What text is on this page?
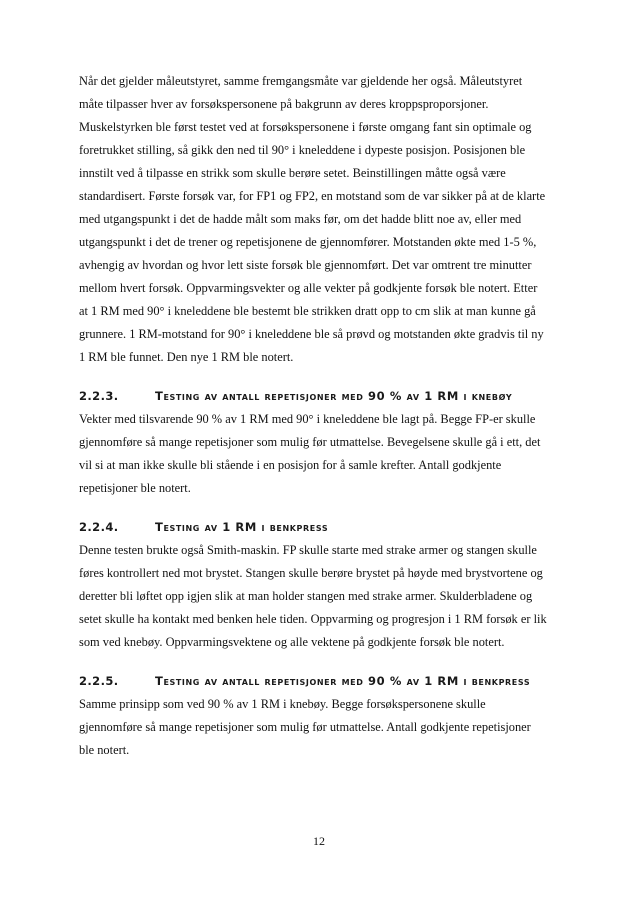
Når det gjelder måleutstyret, samme fremgangsmåte var gjeldende her også. Måleutstyret
måte tilpasser hver av forsøkspersonene på bakgrunn av deres kroppsproporsjoner.
Muskelstyrken ble først testet ved at forsøkspersonene i første omgang fant sin optimale og
foretrukket stilling, så gikk den ned til 90° i kneleddene i dypeste posisjon. Posisjonen ble
innstilt ved å tilpasse en strikk som skulle berøre setet. Beinstillingen måtte også være
standardisert. Første forsøk var, for FP1 og FP2, en motstand som de var sikker på at de klarte
med utgangspunkt i det de hadde målt som maks før, om det hadde blitt noe av, eller med
utgangspunkt i det de trener og repetisjonene de gjennomfører. Motstanden økte med 1-5 %,
avhengig av hvordan og hvor lett siste forsøk ble gjennomført. Det var omtrent tre minutter
mellom hvert forsøk. Oppvarmingsvekter og alle vekter på godkjente forsøk ble notert. Etter
at 1 RM med 90° i kneleddene ble bestemt ble strikken dratt opp to cm slik at man kunne gå
grunnere. 1 RM-motstand for 90° i kneleddene ble så prøvd og motstanden økte gradvis til ny
1 RM ble funnet. Den nye 1 RM ble notert.

2.2.3.	Testing av antall repetisjoner med 90 % av 1 RM i knebøy

Vekter med tilsvarende 90 % av 1 RM med 90° i kneleddene ble lagt på. Begge FP-er skulle
gjennomføre så mange repetisjoner som mulig før utmattelse. Bevegelsene skulle gå i ett, det
vil si at man ikke skulle bli stående i en posisjon for å samle krefter. Antall godkjente
repetisjoner ble notert.

2.2.4.	Testing av 1 RM i benkpress

Denne testen brukte også Smith-maskin. FP skulle starte med strake armer og stangen skulle
føres kontrollert ned mot brystet. Stangen skulle berøre brystet på høyde med brystvortene og
deretter bli løftet opp igjen slik at man holder stangen med strake armer. Skulderbladene og
setet skulle ha kontakt med benken hele tiden. Oppvarming og progresjon i 1 RM forsøk er lik
som ved knebøy. Oppvarmingsvektene og alle vektene på godkjente forsøk ble notert.

2.2.5.	Testing av antall repetisjoner med 90 % av 1 RM i benkpress

Samme prinsipp som ved 90 % av 1 RM i knebøy. Begge forsøkspersonene skulle
gjennomføre så mange repetisjoner som mulig før utmattelse. Antall godkjente repetisjoner
ble notert.

12
